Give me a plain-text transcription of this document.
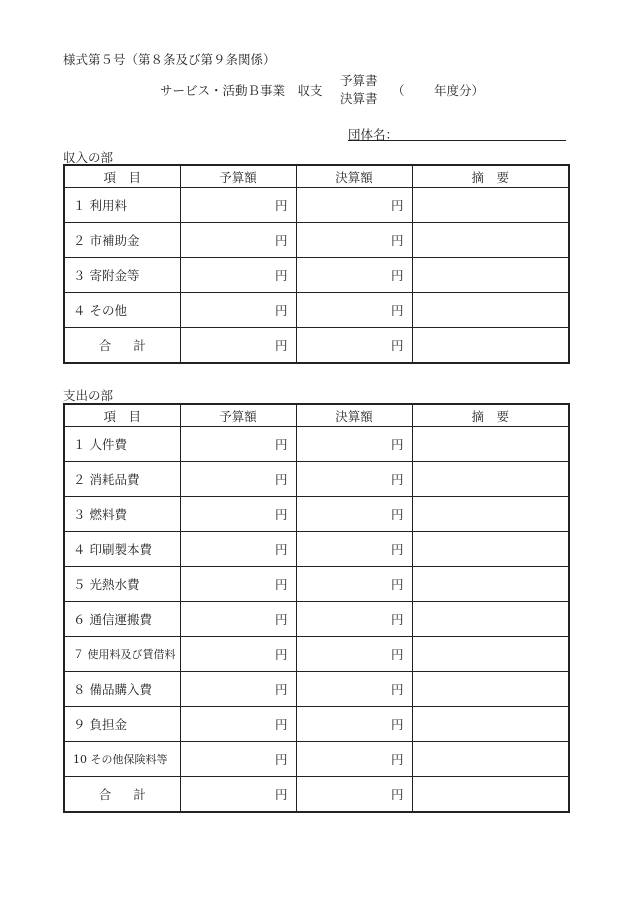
様式第５号（第８条及び第９条関係）
サービス・活動Ｂ事業　収支
予算書
決算書
（ 年度分）
団体名：
収入の部
項　目	予算額	決算額	摘　要
１ 利用料	円	円	
２ 市補助金	円	円	
３ 寄附金等	円	円	
４ その他	円	円	
合計	円	円	
支出の部
項　目	予算額	決算額	摘　要
１ 人件費	円	円	
２ 消耗品費	円	円	
３ 燃料費	円	円	
４ 印刷製本費	円	円	
５ 光熱水費	円	円	
６ 通信運搬費	円	円	
７ 使用料及び賃借料	円	円	
８ 備品購入費	円	円	
９ 負担金	円	円	
10 その他保険料等	円	円	
合計	円	円	
